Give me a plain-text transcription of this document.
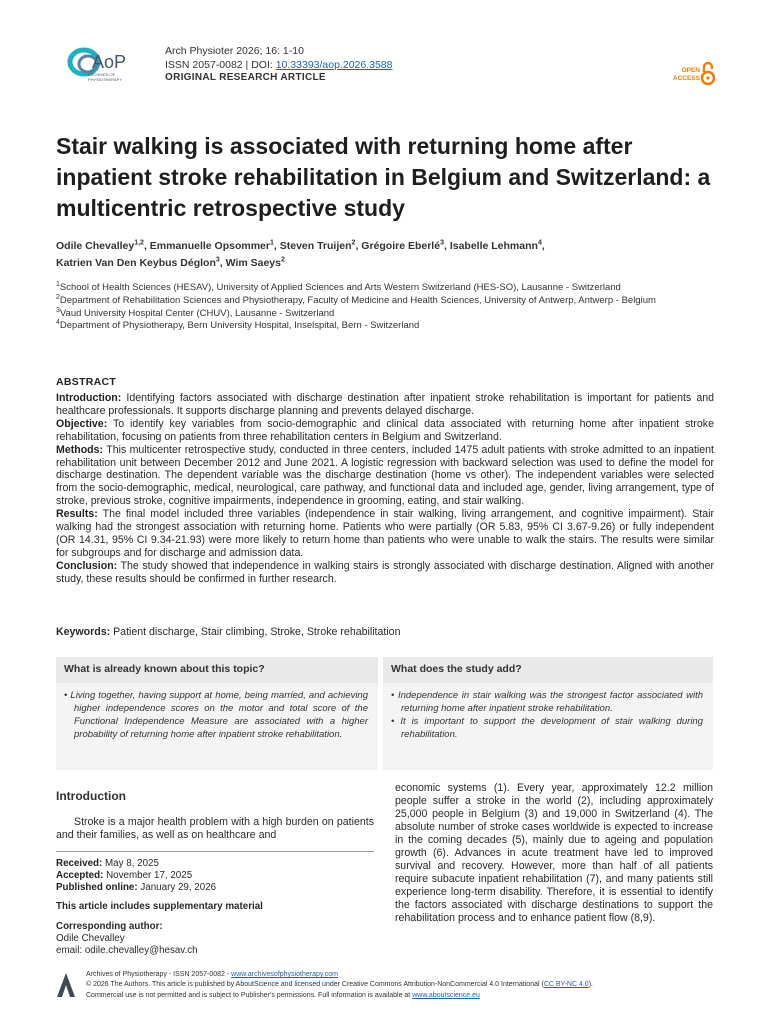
AoP
ARCHIVES OF
PHYSIOTHERAPY
Arch Physioter 2026; 16: 1-10
ISSN 2057-0082 | DOI: 10.33393/aop.2026.3588
ORIGINAL RESEARCH ARTICLE
OPEN
ACCESS
Stair walking is associated with returning home after inpatient stroke rehabilitation in Belgium and Switzerland: a multicentric retrospective study
Odile Chevalley$^{1,2}$, Emmanuelle Opsommer$^1$, Steven Truijen$^2$, Grégoire Eberlé$^3$, Isabelle Lehmann$^4$,
Katrien Van Den Keybus Déglon$^3$, Wim Saeys$^2$
$^1$School of Health Sciences (HESAV), University of Applied Sciences and Arts Western Switzerland (HES-SO), Lausanne - Switzerland
$^2$Department of Rehabilitation Sciences and Physiotherapy, Faculty of Medicine and Health Sciences, University of Antwerp, Antwerp - Belgium
$^3$Vaud University Hospital Center (CHUV), Lausanne - Switzerland
$^4$Department of Physiotherapy, Bern University Hospital, Inselspital, Bern - Switzerland
ABSTRACT

Introduction: Identifying factors associated with discharge destination after inpatient stroke rehabilitation is important for patients and healthcare professionals. It supports discharge planning and prevents delayed discharge.

Objective: To identify key variables from socio-demographic and clinical data associated with returning home after inpatient stroke rehabilitation, focusing on patients from three rehabilitation centers in Belgium and Switzerland.

Methods: This multicenter retrospective study, conducted in three centers, included 1475 adult patients with stroke admitted to an inpatient rehabilitation unit between December 2012 and June 2021. A logistic regression with backward selection was used to define the model for discharge destination. The dependent variable was the discharge destination (home vs other). The independent variables were selected from the socio-demographic, medical, neurological, care pathway, and functional data and included age, gender, living arrangement, type of stroke, previous stroke, cognitive impairments, independence in grooming, eating, and stair walking.

Results: The final model included three variables (independence in stair walking, living arrangement, and cognitive impairment). Stair walking had the strongest association with returning home. Patients who were partially (OR 5.83, 95% CI 3.67-9.26) or fully independent (OR 14.31, 95% CI 9.34-21.93) were more likely to return home than patients who were unable to walk the stairs. The results were similar for subgroups and for discharge and admission data.

Conclusion: The study showed that independence in walking stairs is strongly associated with discharge destination. Aligned with another study, these results should be confirmed in further research.

Keywords: Patient discharge, Stair climbing, Stroke, Stroke rehabilitation
What is already known about this topic?
• Living together, having support at home, being married, and achieving higher independence scores on the motor and total score of the Functional Independence Measure are associated with a higher probability of returning home after inpatient stroke rehabilitation.
What does the study add?
• Independence in stair walking was the strongest factor associated with returning home after inpatient stroke rehabilitation.
• It is important to support the development of stair walking during rehabilitation.
Introduction
Stroke is a major health problem with a high burden on patients and their families, as well as on healthcare and
Received: May 8, 2025
Accepted: November 17, 2025
Published online: January 29, 2026
This article includes supplementary material
Corresponding author:
Odile Chevalley
email: odile.chevalley@hesav.ch
economic systems (1). Every year, approximately 12.2 million people suffer a stroke in the world (2), including approximately 25,000 people in Belgium (3) and 19,000 in Switzerland (4). The absolute number of stroke cases worldwide is expected to increase in the coming decades (5), mainly due to ageing and population growth (6). Advances in acute treatment have led to improved survival and recovery. However, more than half of all patients require subacute inpatient rehabilitation (7), and many patients still experience long-term disability. Therefore, it is essential to identify the factors associated with discharge destinations to support the rehabilitation process and to enhance patient flow (8,9).
Archives of Physiotherapy - ISSN 2057-0082 - www.archivesofphysiotherapy.com
© 2026 The Authors. This article is published by AboutScience and licensed under Creative Commons Attribution-NonCommercial 4.0 International (CC BY-NC 4.0).
Commercial use is not permitted and is subject to Publisher's permissions. Full information is available at www.aboutscience.eu
